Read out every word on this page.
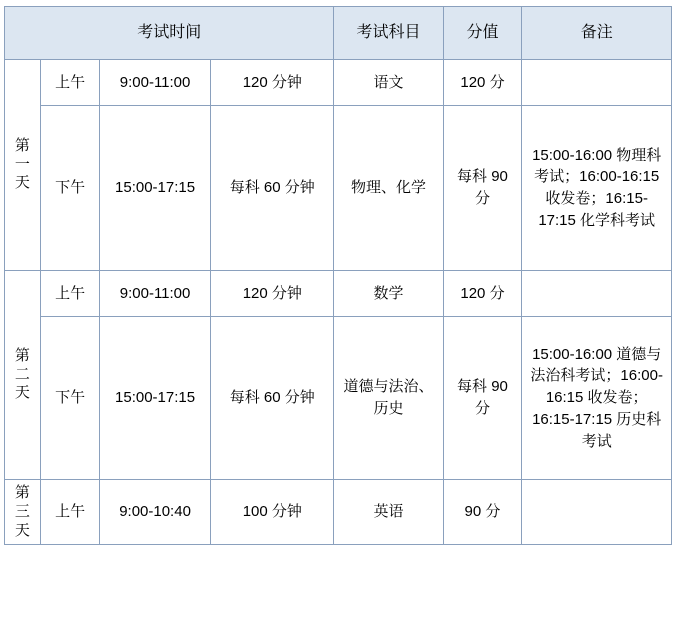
考试时间				考试科目	分值	备注

第一天	上午	9:00-11:00	120 分钟	语文	120 分	
	下午	15:00-17:15	每科 60 分钟	物理、化学	每科 90 分	15:00-16:00 物理科考试；16:00-16:15 收发卷；16:15-17:15 化学科考试

第二天	上午	9:00-11:00	120 分钟	数学	120 分	
	下午	15:00-17:15	每科 60 分钟	道德与法治、历史	每科 90 分	15:00-16:00 道德与法治科考试；16:00-16:15 收发卷；16:15-17:15 历史科考试

第三天	上午	9:00-10:40	100 分钟	英语	90 分	
